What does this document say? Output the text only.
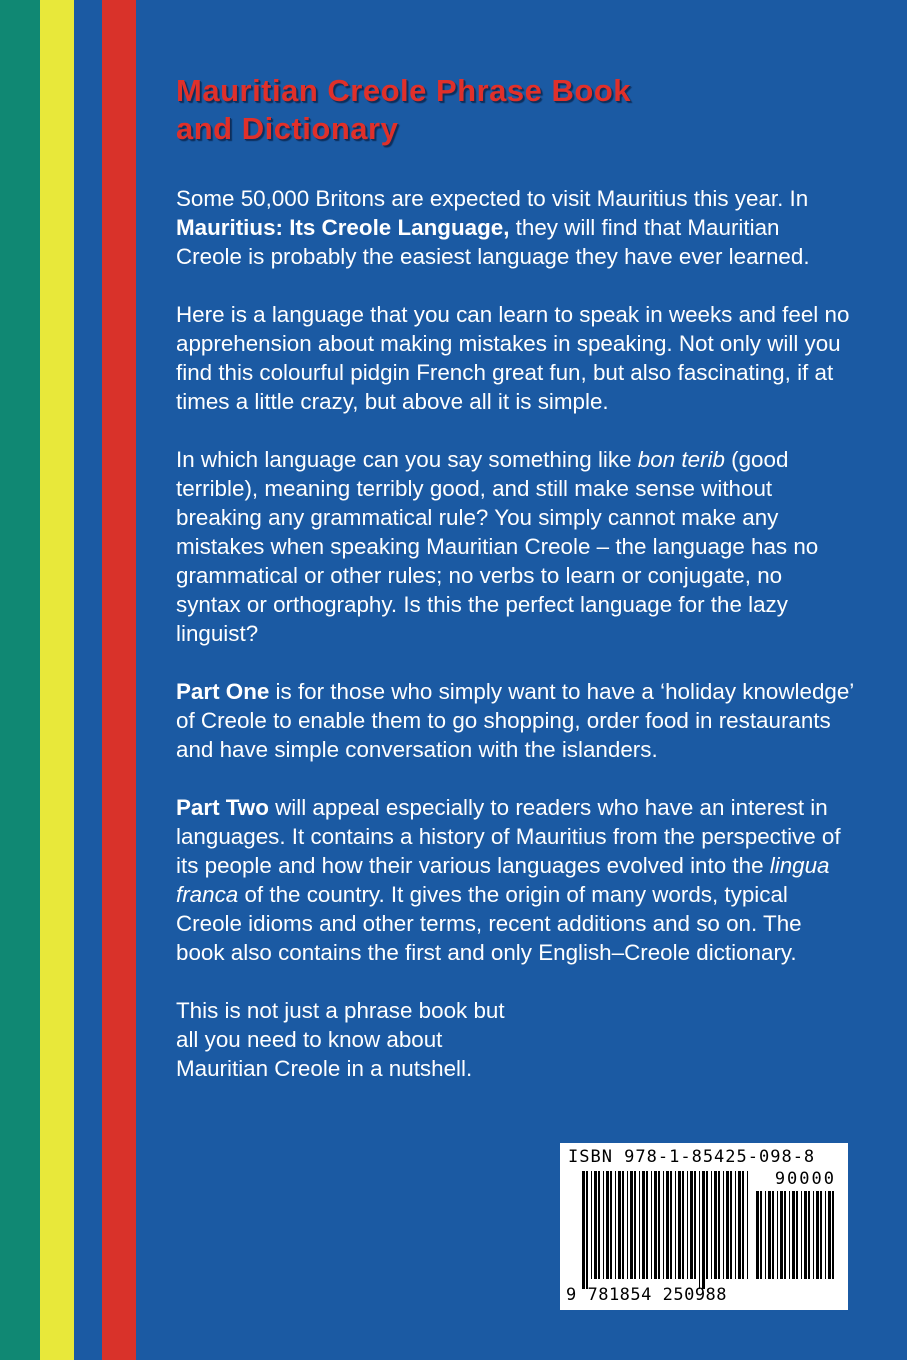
Mauritian Creole Phrase Book
and Dictionary

Some 50,000 Britons are expected to visit Mauritius this year. In Mauritius: Its Creole Language, they will find that Mauritian Creole is probably the easiest language they have ever learned.

Here is a language that you can learn to speak in weeks and feel no apprehension about making mistakes in speaking. Not only will you find this colourful pidgin French great fun, but also fascinating, if at times a little crazy, but above all it is simple.

In which language can you say something like bon terib (good terrible), meaning terribly good, and still make sense without breaking any grammatical rule? You simply cannot make any mistakes when speaking Mauritian Creole – the language has no grammatical or other rules; no verbs to learn or conjugate, no syntax or orthography. Is this the perfect language for the lazy linguist?

Part One is for those who simply want to have a ‘holiday knowledge’ of Creole to enable them to go shopping, order food in restaurants and have simple conversation with the islanders.

Part Two will appeal especially to readers who have an interest in languages. It contains a history of Mauritius from the perspective of its people and how their various languages evolved into the lingua franca of the country. It gives the origin of many words, typical Creole idioms and other terms, recent additions and so on. The book also contains the first and only English–Creole dictionary.

This is not just a phrase book but
all you need to know about
Mauritian Creole in a nutshell.

ISBN 978-1-85425-098-8
90000
9 781854 250988
